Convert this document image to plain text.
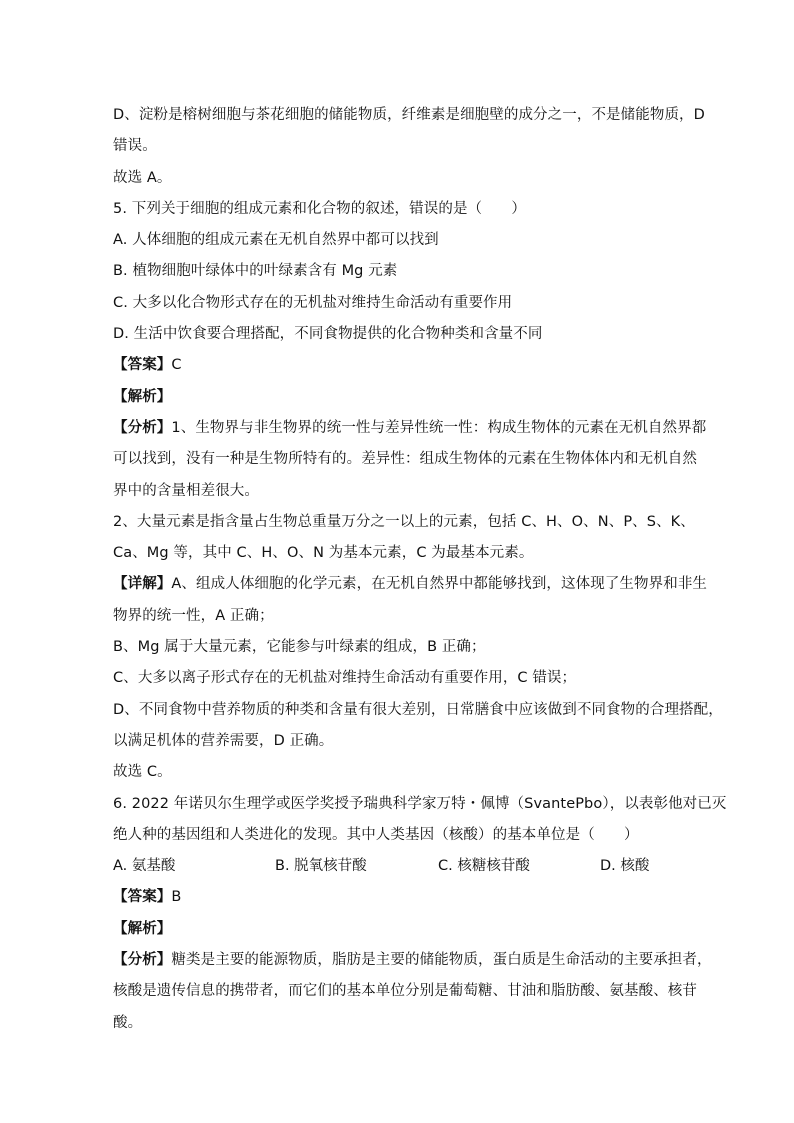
D、淀粉是榕树细胞与茶花细胞的储能物质，纤维素是细胞壁的成分之一，不是储能物质，D
错误。
故选 A。
5. 下列关于细胞的组成元素和化合物的叙述，错误的是（　　）
A. 人体细胞的组成元素在无机自然界中都可以找到
B. 植物细胞叶绿体中的叶绿素含有 Mg 元素
C. 大多以化合物形式存在的无机盐对维持生命活动有重要作用
D. 生活中饮食要合理搭配，不同食物提供的化合物种类和含量不同
【答案】C
【解析】
【分析】1、生物界与非生物界的统一性与差异性统一性：构成生物体的元素在无机自然界都
可以找到，没有一种是生物所特有的。差异性：组成生物体的元素在生物体体内和无机自然
界中的含量相差很大。
2、大量元素是指含量占生物总重量万分之一以上的元素，包括 C、H、O、N、P、S、K、
Ca、Mg 等，其中 C、H、O、N 为基本元素，C 为最基本元素。
【详解】A、组成人体细胞的化学元素，在无机自然界中都能够找到，这体现了生物界和非生
物界的统一性，A 正确；
B、Mg 属于大量元素，它能参与叶绿素的组成，B 正确；
C、大多以离子形式存在的无机盐对维持生命活动有重要作用，C 错误；
D、不同食物中营养物质的种类和含量有很大差别，日常膳食中应该做到不同食物的合理搭配，
以满足机体的营养需要，D 正确。
故选 C。
6. 2022 年诺贝尔生理学或医学奖授予瑞典科学家万特・佩博（SvantePbo），以表彰他对已灭
绝人种的基因组和人类进化的发现。其中人类基因（核酸）的基本单位是（　　）
A. 氨基酸	B. 脱氧核苷酸	C. 核糖核苷酸	D. 核酸
【答案】B
【解析】
【分析】糖类是主要的能源物质，脂肪是主要的储能物质，蛋白质是生命活动的主要承担者，
核酸是遗传信息的携带者，而它们的基本单位分别是葡萄糖、甘油和脂肪酸、氨基酸、核苷
酸。
